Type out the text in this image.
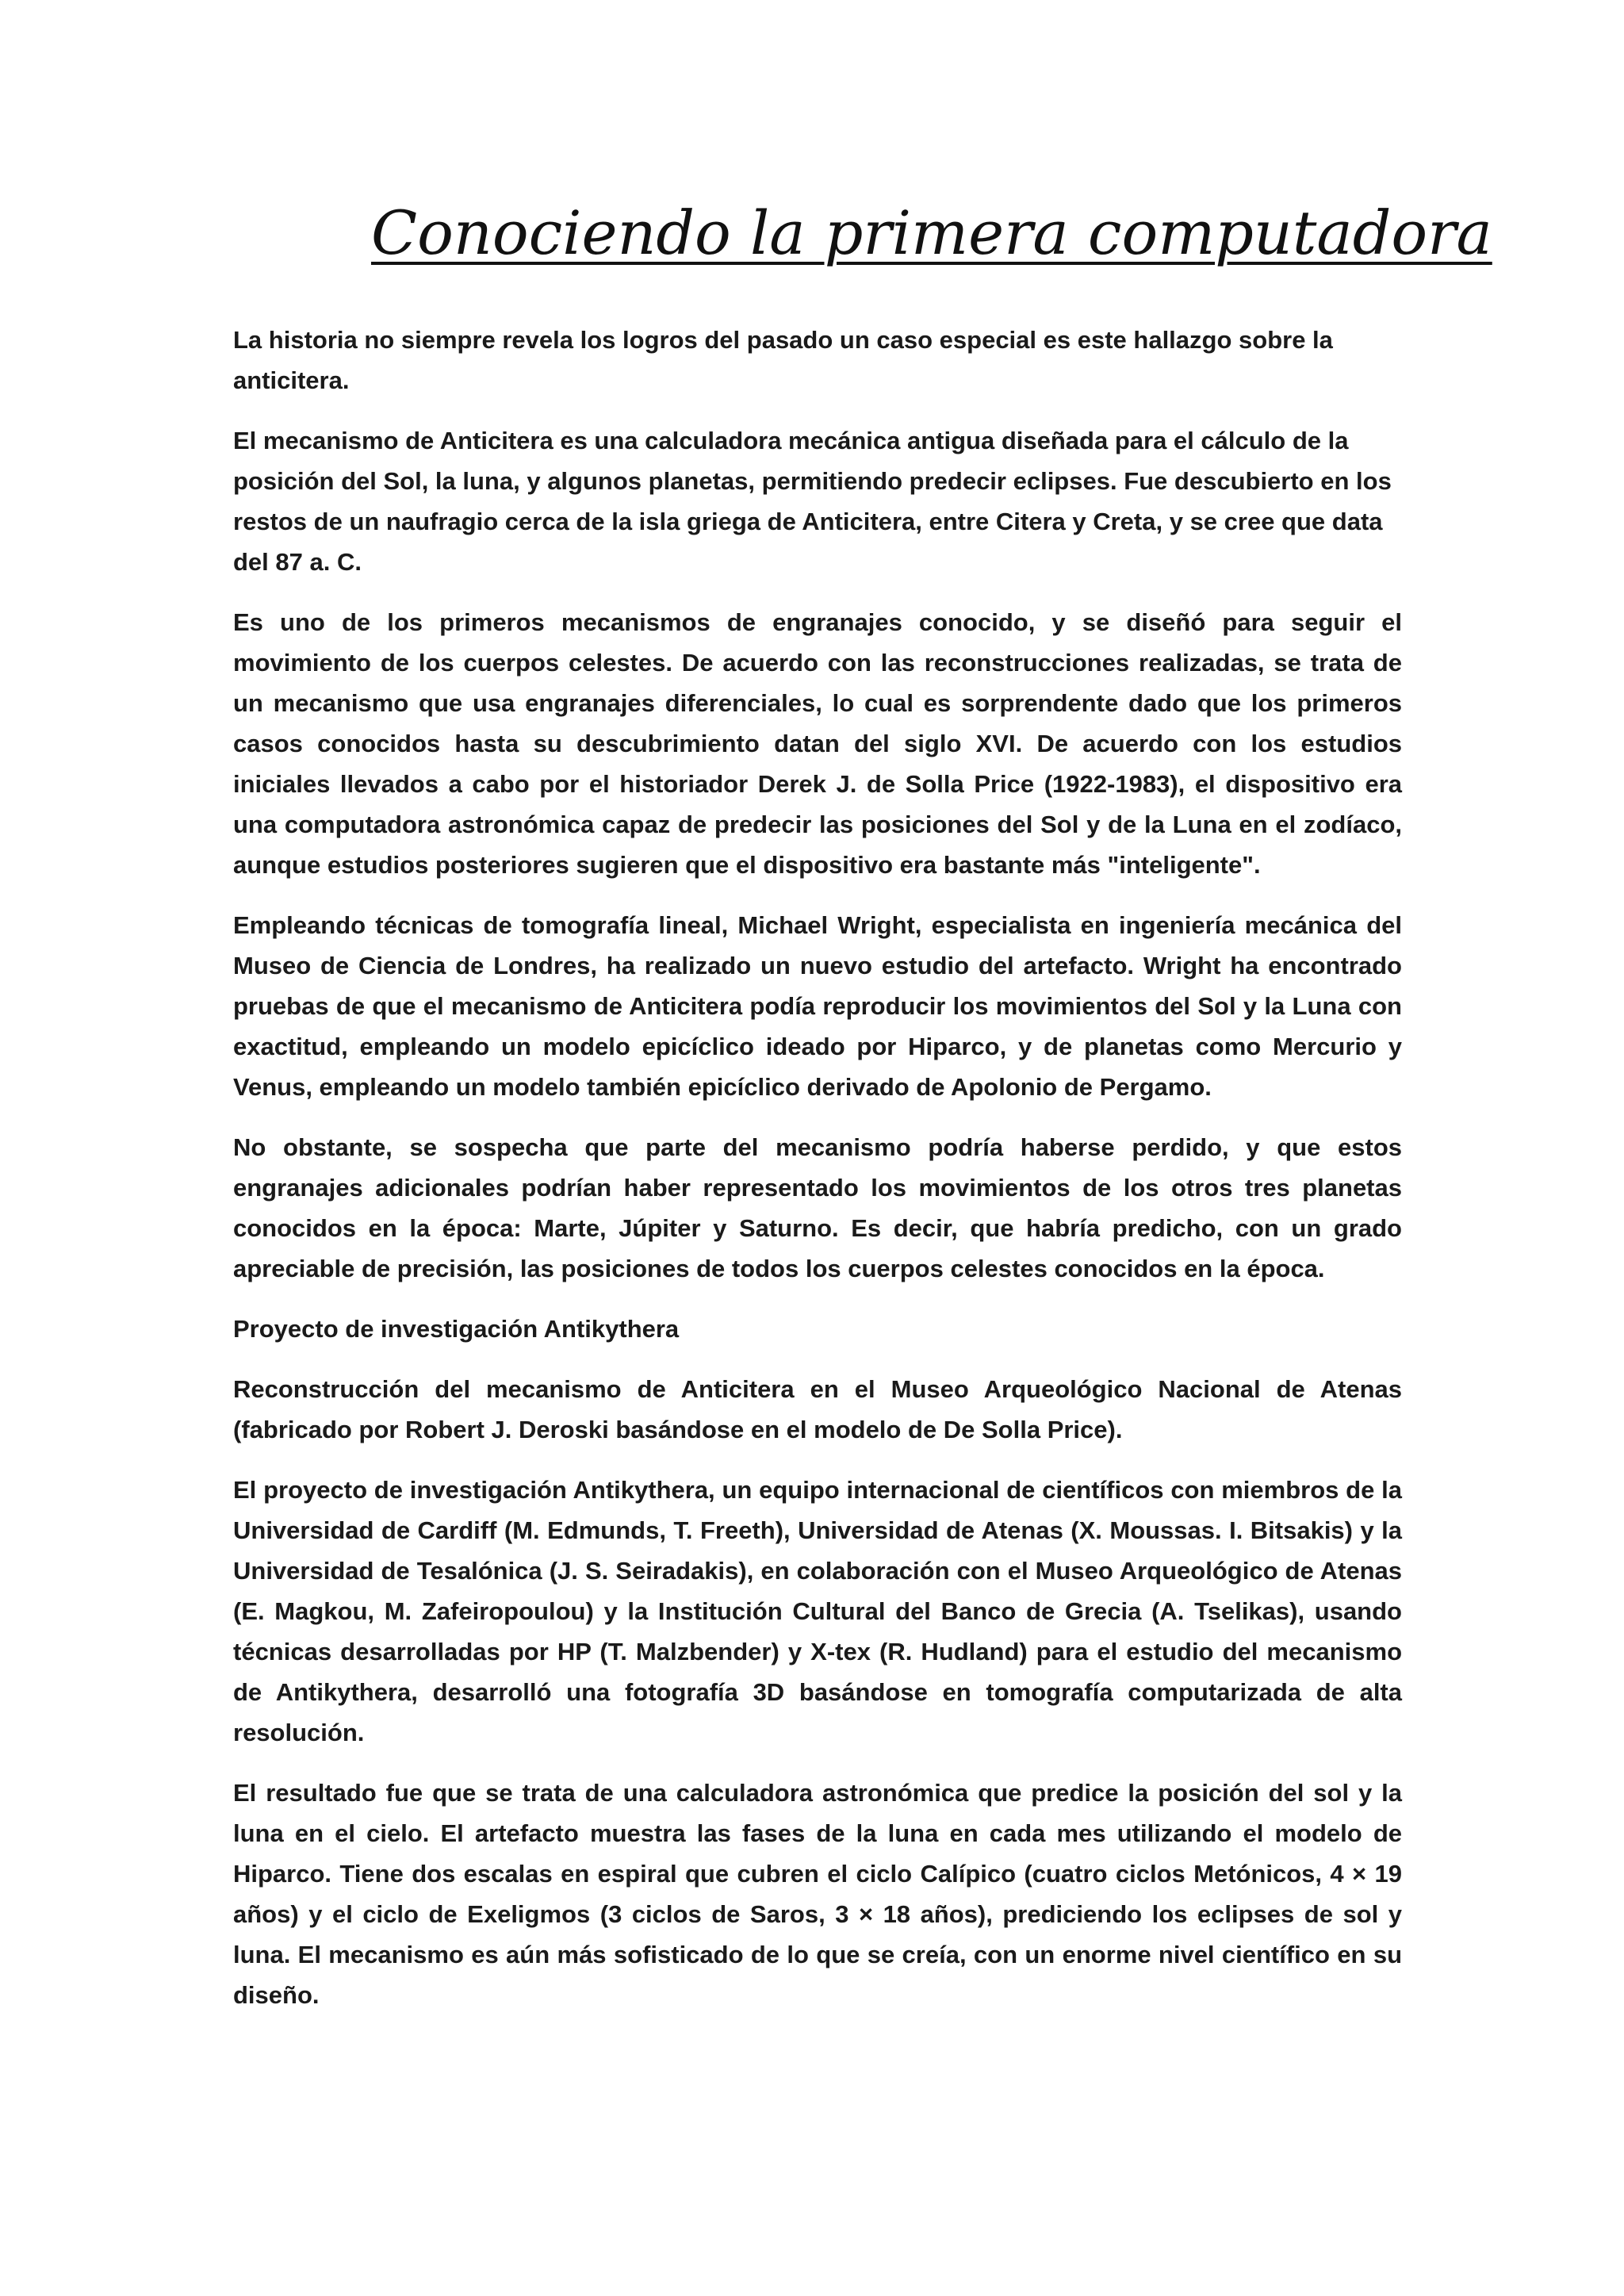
Conociendo la primera computadora

La historia no siempre revela los logros del pasado un caso especial es este hallazgo sobre la anticitera.

El mecanismo de Anticitera es una calculadora mecánica antigua diseñada para el cálculo de la posición del Sol, la luna, y algunos planetas, permitiendo predecir eclipses. Fue descubierto en los restos de un naufragio cerca de la isla griega de Anticitera, entre Citera y Creta, y se cree que data del 87 a. C.

Es uno de los primeros mecanismos de engranajes conocido, y se diseñó para seguir el movimiento de los cuerpos celestes. De acuerdo con las reconstrucciones realizadas, se trata de un mecanismo que usa engranajes diferenciales, lo cual es sorprendente dado que los primeros casos conocidos hasta su descubrimiento datan del siglo XVI. De acuerdo con los estudios iniciales llevados a cabo por el historiador Derek J. de Solla Price (1922-1983), el dispositivo era una computadora astronómica capaz de predecir las posiciones del Sol y de la Luna en el zodíaco, aunque estudios posteriores sugieren que el dispositivo era bastante más "inteligente".

Empleando técnicas de tomografía lineal, Michael Wright, especialista en ingeniería mecánica del Museo de Ciencia de Londres, ha realizado un nuevo estudio del artefacto. Wright ha encontrado pruebas de que el mecanismo de Anticitera podía reproducir los movimientos del Sol y la Luna con exactitud, empleando un modelo epicíclico ideado por Hiparco, y de planetas como Mercurio y Venus, empleando un modelo también epicíclico derivado de Apolonio de Pergamo.

No obstante, se sospecha que parte del mecanismo podría haberse perdido, y que estos engranajes adicionales podrían haber representado los movimientos de los otros tres planetas conocidos en la época: Marte, Júpiter y Saturno. Es decir, que habría predicho, con un grado apreciable de precisión, las posiciones de todos los cuerpos celestes conocidos en la época.

Proyecto de investigación Antikythera

Reconstrucción del mecanismo de Anticitera en el Museo Arqueológico Nacional de Atenas (fabricado por Robert J. Deroski basándose en el modelo de De Solla Price).

El proyecto de investigación Antikythera, un equipo internacional de científicos con miembros de la Universidad de Cardiff (M. Edmunds, T. Freeth), Universidad de Atenas (X. Moussas. I. Bitsakis) y la Universidad de Tesalónica (J. S. Seiradakis), en colaboración con el Museo Arqueológico de Atenas (E. Magkou, M. Zafeiropoulou) y la Institución Cultural del Banco de Grecia (A. Tselikas), usando técnicas desarrolladas por HP (T. Malzbender) y X-tex (R. Hudland) para el estudio del mecanismo de Antikythera, desarrolló una fotografía 3D basándose en tomografía computarizada de alta resolución.

El resultado fue que se trata de una calculadora astronómica que predice la posición del sol y la luna en el cielo. El artefacto muestra las fases de la luna en cada mes utilizando el modelo de Hiparco. Tiene dos escalas en espiral que cubren el ciclo Calípico (cuatro ciclos Metónicos, 4 × 19 años) y el ciclo de Exeligmos (3 ciclos de Saros, 3 × 18 años), prediciendo los eclipses de sol y luna. El mecanismo es aún más sofisticado de lo que se creía, con un enorme nivel científico en su diseño.
